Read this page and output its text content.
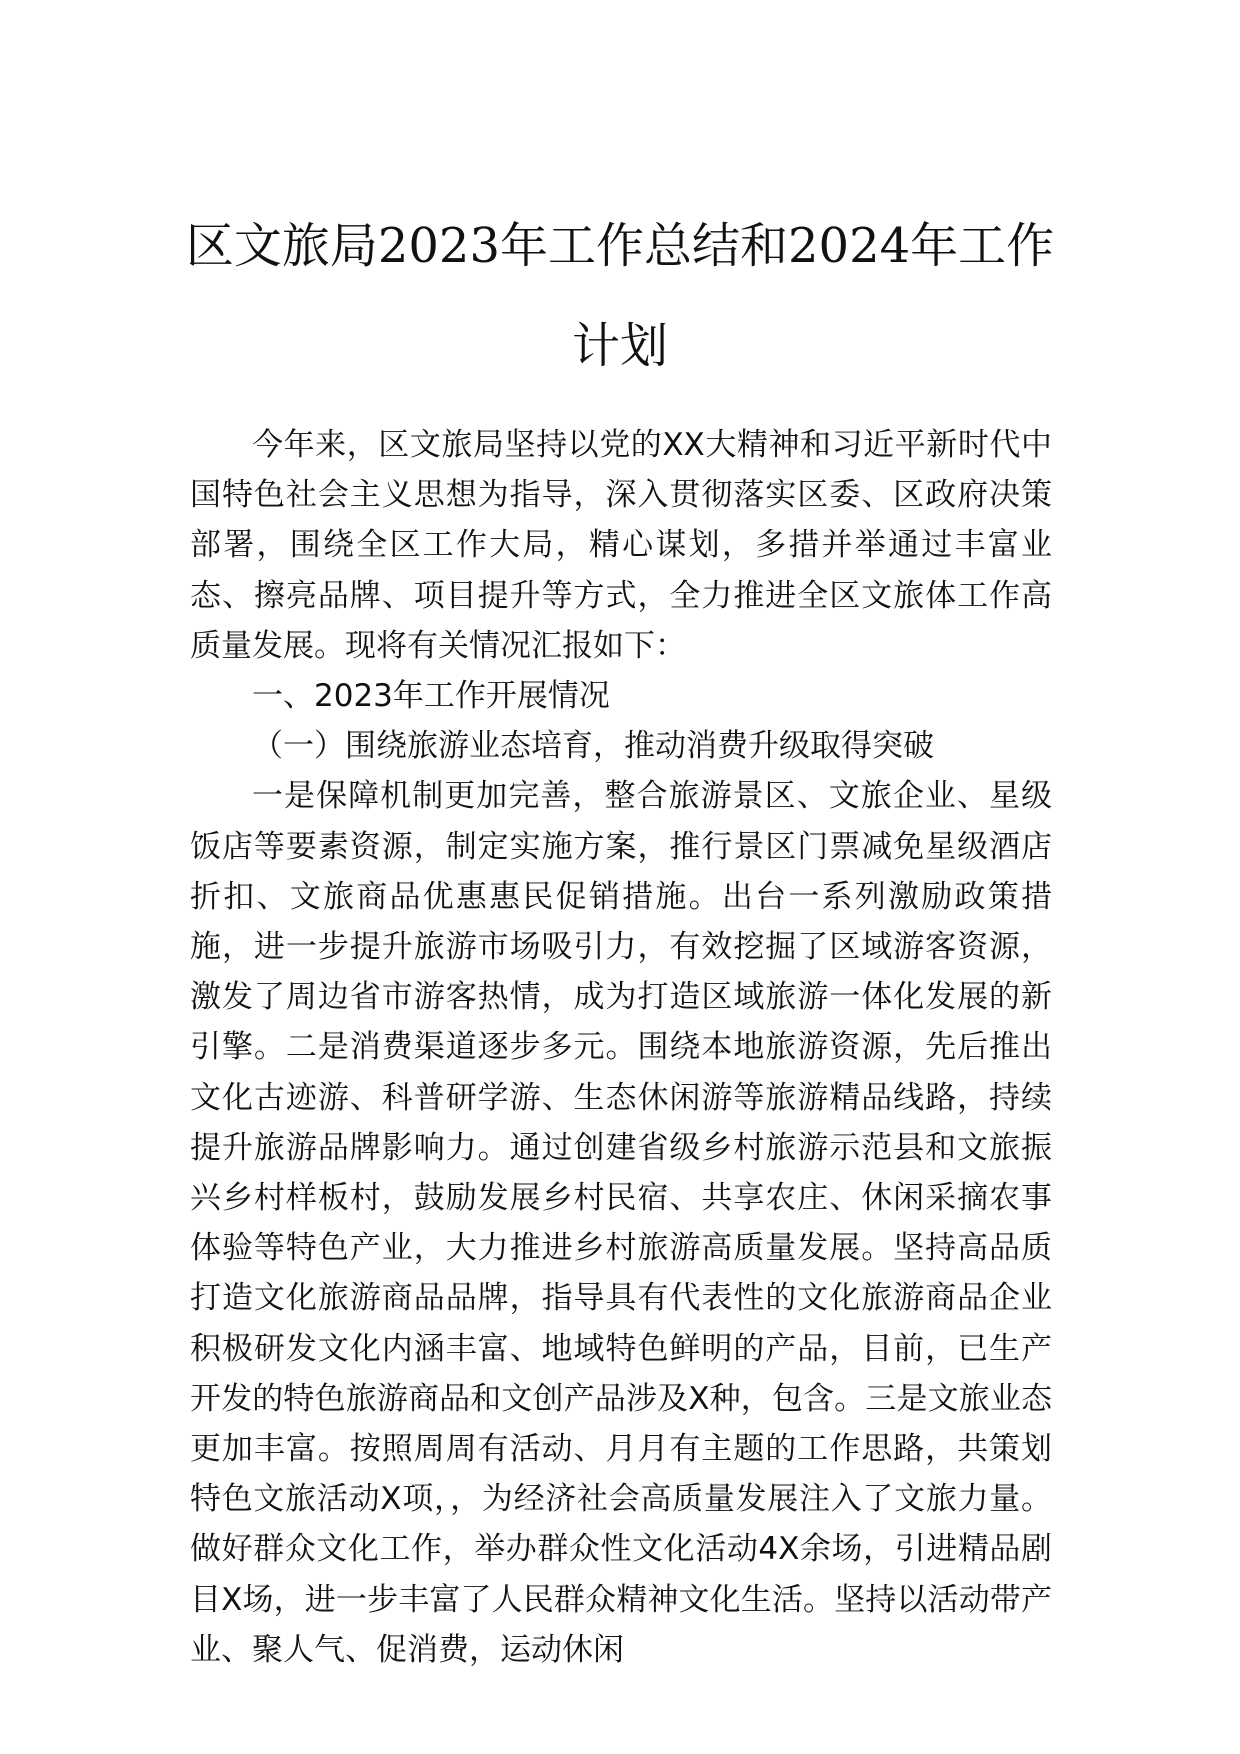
区文旅局2023年工作总结和2024年工作计划

今年来，区文旅局坚持以党的XX大精神和习近平新时代中国特色社会主义思想为指导，深入贯彻落实区委、区政府决策部署，围绕全区工作大局，精心谋划，多措并举通过丰富业态、擦亮品牌、项目提升等方式，全力推进全区文旅体工作高质量发展。现将有关情况汇报如下：

一、2023年工作开展情况

（一）围绕旅游业态培育，推动消费升级取得突破

一是保障机制更加完善，整合旅游景区、文旅企业、星级饭店等要素资源，制定实施方案，推行景区门票减免星级酒店折扣、文旅商品优惠惠民促销措施。出台一系列激励政策措施，进一步提升旅游市场吸引力，有效挖掘了区域游客资源，激发了周边省市游客热情，成为打造区域旅游一体化发展的新引擎。二是消费渠道逐步多元。围绕本地旅游资源，先后推出文化古迹游、科普研学游、生态休闲游等旅游精品线路，持续提升旅游品牌影响力。通过创建省级乡村旅游示范县和文旅振兴乡村样板村，鼓励发展乡村民宿、共享农庄、休闲采摘农事体验等特色产业，大力推进乡村旅游高质量发展。坚持高品质打造文化旅游商品品牌，指导具有代表性的文化旅游商品企业积极研发文化内涵丰富、地域特色鲜明的产品，目前，已生产开发的特色旅游商品和文创产品涉及X种，包含。三是文旅业态更加丰富。按照周周有活动、月月有主题的工作思路，共策划特色文旅活动X项，，为经济社会高质量发展注入了文旅力量。做好群众文化工作，举办群众性文化活动4X余场，引进精品剧目X场，进一步丰富了人民群众精神文化生活。坚持以活动带产业、聚人气、促消费，运动休闲
